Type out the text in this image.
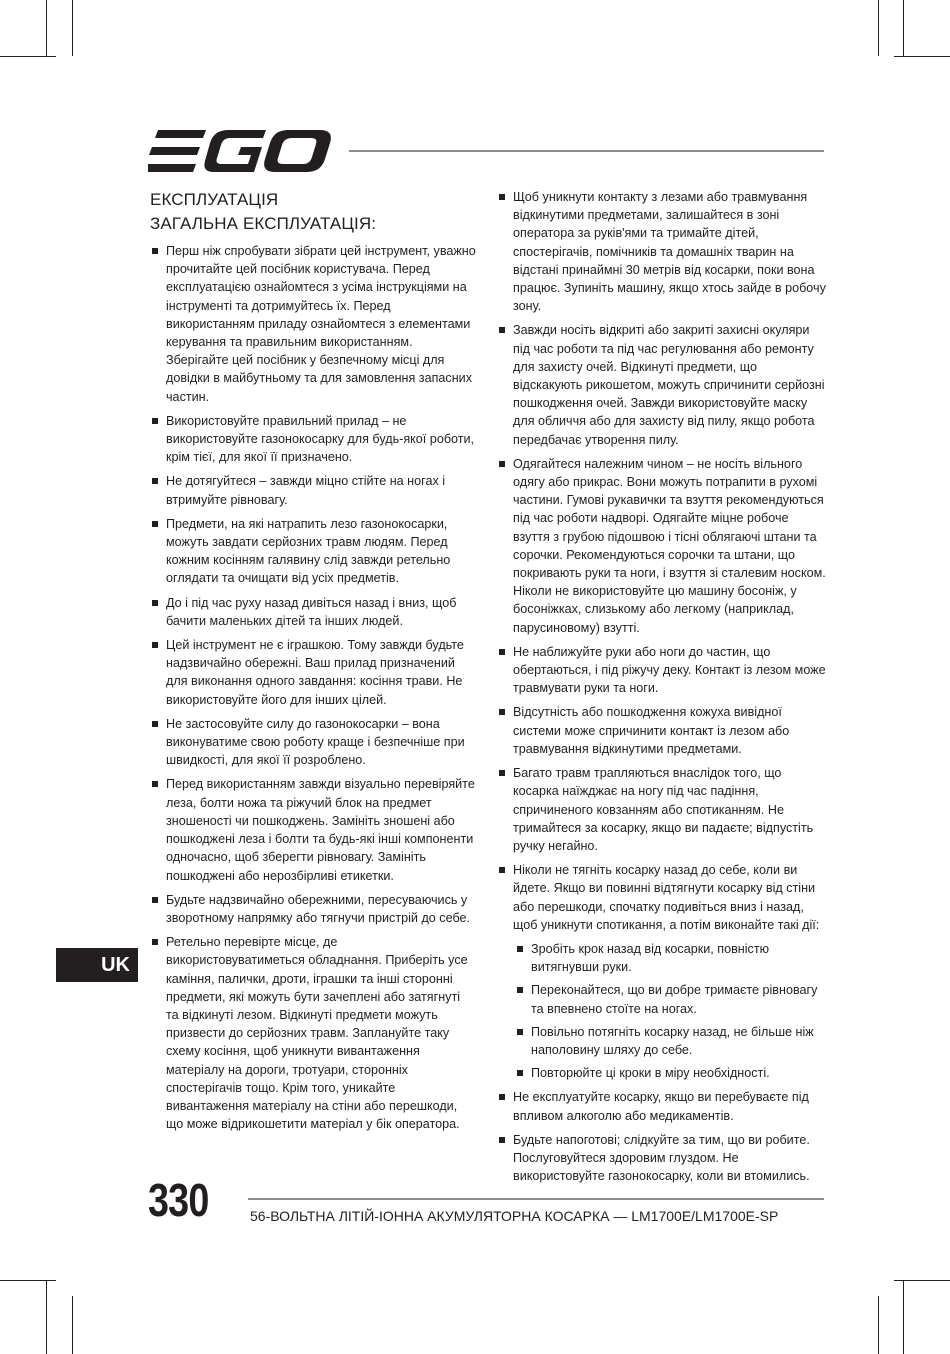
ЕКСПЛУАТАЦІЯ
ЗАГАЛЬНА ЕКСПЛУАТАЦІЯ:
Перш ніж спробувати зібрати цей інструмент, уважно прочитайте цей посібник користувача. Перед експлуатацією ознайомтеся з усіма інструкціями на інструменті та дотримуйтесь їх. Перед використанням приладу ознайомтеся з елементами керування та правильним використанням. Зберігайте цей посібник у безпечному місці для довідки в майбутньому та для замовлення запасних частин.
Використовуйте правильний прилад – не використовуйте газонокосарку для будь-якої роботи, крім тієї, для якої її призначено.
Не дотягуйтеся – завжди міцно стійте на ногах і втримуйте рівновагу.
Предмети, на які натрапить лезо газонокосарки, можуть завдати серйозних травм людям. Перед кожним косінням галявину слід завжди ретельно оглядати та очищати від усіх предметів.
До і під час руху назад дивіться назад і вниз, щоб бачити маленьких дітей та інших людей.
Цей інструмент не є іграшкою. Тому завжди будьте надзвичайно обережні. Ваш прилад призначений для виконання одного завдання: косіння трави. Не використовуйте його для інших цілей.
Не застосовуйте силу до газонокосарки – вона виконуватиме свою роботу краще і безпечніше при швидкості, для якої її розроблено.
Перед використанням завжди візуально перевіряйте леза, болти ножа та ріжучий блок на предмет зношеності чи пошкоджень. Замініть зношені або пошкоджені леза і болти та будь-які інші компоненти одночасно, щоб зберегти рівновагу. Замініть пошкоджені або нерозбірливі етикетки.
Будьте надзвичайно обережними, пересуваючись у зворотному напрямку або тягнучи пристрій до себе.
Ретельно перевірте місце, де використовуватиметься обладнання. Приберіть усе каміння, палички, дроти, іграшки та інші сторонні предмети, які можуть бути зачеплені або затягнуті та відкинуті лезом. Відкинуті предмети можуть призвести до серйозних травм. Заплануйте таку схему косіння, щоб уникнути вивантаження матеріалу на дороги, тротуари, сторонніх спостерігачів тощо. Крім того, уникайте вивантаження матеріалу на стіни або перешкоди, що може відрикошетити матеріал у бік оператора.
Щоб уникнути контакту з лезами або травмування відкинутими предметами, залишайтеся в зоні оператора за руків'ями та тримайте дітей, спостерігачів, помічників та домашніх тварин на відстані принаймні 30 метрів від косарки, поки вона працює. Зупиніть машину, якщо хтось зайде в робочу зону.
Завжди носіть відкриті або закриті захисні окуляри під час роботи та під час регулювання або ремонту для захисту очей. Відкинуті предмети, що відскакують рикошетом, можуть спричинити серйозні пошкодження очей. Завжди використовуйте маску для обличчя або для захисту від пилу, якщо робота передбачає утворення пилу.
Одягайтеся належним чином – не носіть вільного одягу або прикрас. Вони можуть потрапити в рухомі частини. Гумові рукавички та взуття рекомендуються під час роботи надворі. Одягайте міцне робоче взуття з грубою підошвою і тісні облягаючі штани та сорочки. Рекомендуються сорочки та штани, що покривають руки та ноги, і взуття зі сталевим носком. Ніколи не використовуйте цю машину босоніж, у босоніжках, слизькому або легкому (наприклад, парусиновому) взутті.
Не наближуйте руки або ноги до частин, що обертаються, і під ріжучу деку. Контакт із лезом може травмувати руки та ноги.
Відсутність або пошкодження кожуха вивідної системи може спричинити контакт із лезом або травмування відкинутими предметами.
Багато травм трапляються внаслідок того, що косарка наїжджає на ногу під час падіння, спричиненого ковзанням або спотиканням. Не тримайтеся за косарку, якщо ви падаєте; відпустіть ручку негайно.
Ніколи не тягніть косарку назад до себе, коли ви йдете. Якщо ви повинні відтягнути косарку від стіни або перешкоди, спочатку подивіться вниз і назад, щоб уникнути спотикання, а потім виконайте такі дії:
Зробіть крок назад від косарки, повністю витягнувши руки.
Переконайтеся, що ви добре тримаєте рівновагу та впевнено стоїте на ногах.
Повільно потягніть косарку назад, не більше ніж наполовину шляху до себе.
Повторюйте ці кроки в міру необхідності.
Не експлуатуйте косарку, якщо ви перебуваєте під впливом алкоголю або медикаментів.
Будьте напоготові; слідкуйте за тим, що ви робите. Послуговуйтеся здоровим глуздом. Не використовуйте газонокосарку, коли ви втомились.
UK
330	56-ВОЛЬТНА ЛІТІЙ-ІОННА АКУМУЛЯТОРНА КОСАРКА — LM1700E/LM1700E-SP
